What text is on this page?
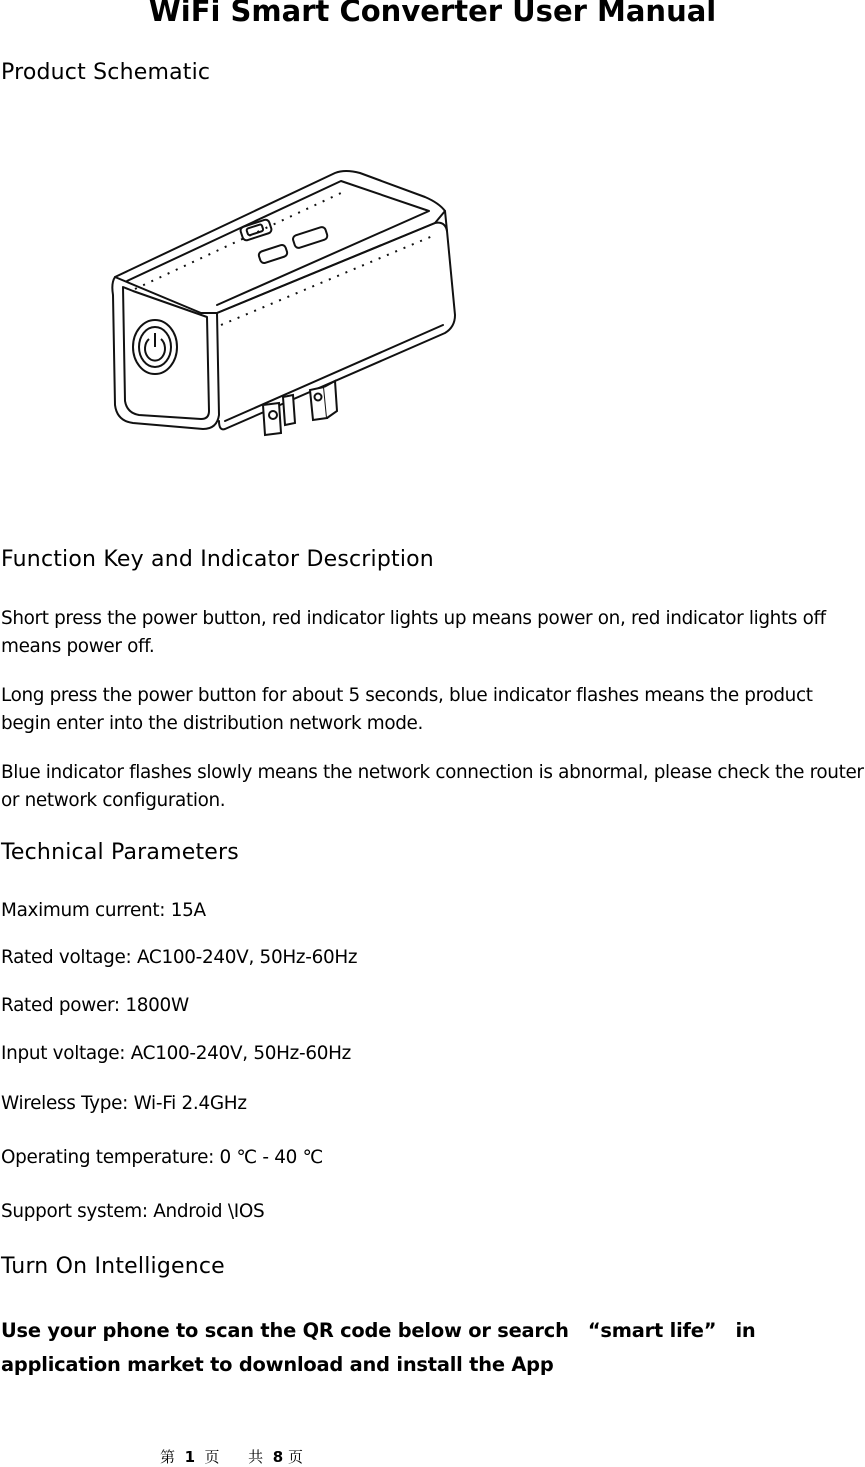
WiFi Smart Converter User Manual
Product Schematic
Function Key and Indicator Description
Short press the power button, red indicator lights up means power on, red indicator lights off means power off.
Long press the power button for about 5 seconds, blue indicator flashes means the product begin enter into the distribution network mode.
Blue indicator flashes slowly means the network connection is abnormal, please check the router or network configuration.
Technical Parameters
Maximum current: 15A
Rated voltage: AC100-240V, 50Hz-60Hz
Rated power: 1800W
Input voltage: AC100-240V, 50Hz-60Hz
Wireless Type: Wi-Fi 2.4GHz
Operating temperature: 0 ℃ - 40 ℃
Support system: Android \IOS
Turn On Intelligence
Use your phone to scan the QR code below or search　“smart life”　in application market to download and install the App
第 1 页 共 8 页
